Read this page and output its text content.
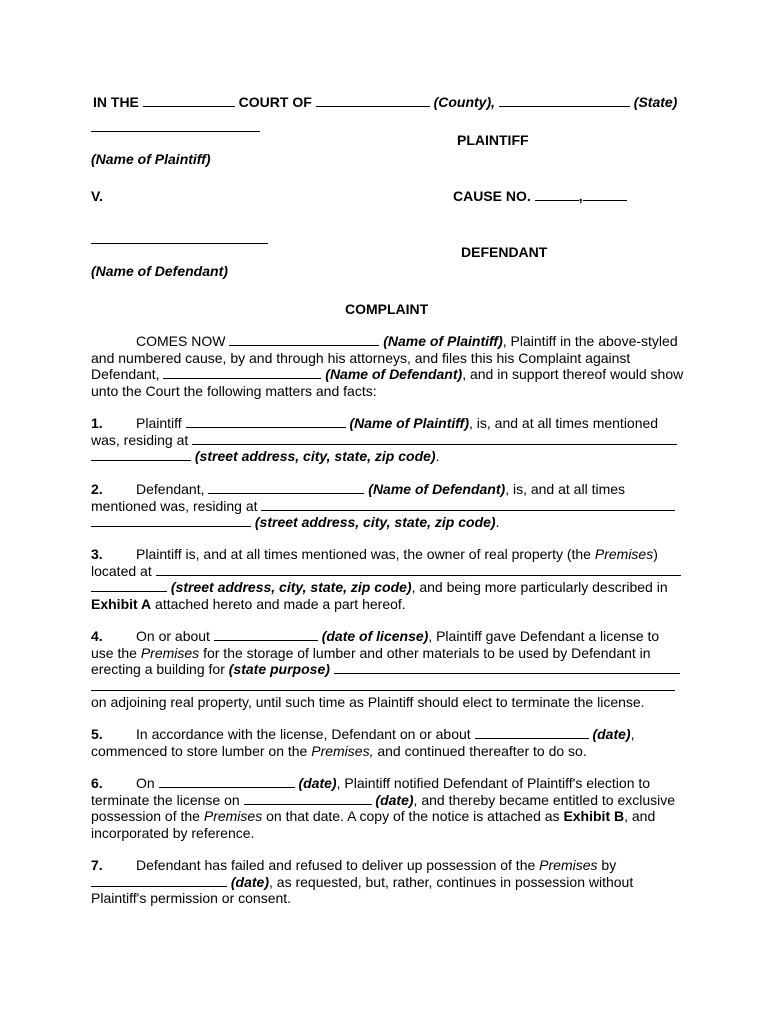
IN THE	COURT OF	(County),	(State)
PLAINTIFF
(Name of Plaintiff)
V.	CAUSE NO.	,
DEFENDANT
(Name of Defendant)
COMPLAINT
COMES NOW	(Name of Plaintiff), Plaintiff in the above-styled
and numbered cause, by and through his attorneys, and files this his Complaint against
Defendant,	(Name of Defendant), and in support thereof would show
unto the Court the following matters and facts:
1. Plaintiff	(Name of Plaintiff), is, and at all times mentioned
was, residing at
(street address, city, state, zip code).
2. Defendant,	(Name of Defendant), is, and at all times
mentioned was, residing at
(street address, city, state, zip code).
3. Plaintiff is, and at all times mentioned was, the owner of real property (the Premises)
located at
(street address, city, state, zip code), and being more particularly described in
Exhibit A attached hereto and made a part hereof.
4. On or about	(date of license), Plaintiff gave Defendant a license to
use the Premises for the storage of lumber and other materials to be used by Defendant in
erecting a building for (state purpose)
on adjoining real property, until such time as Plaintiff should elect to terminate the license.
5. In accordance with the license, Defendant on or about	(date),
commenced to store lumber on the Premises, and continued thereafter to do so.
6. On	(date), Plaintiff notified Defendant of Plaintiff's election to
terminate the license on	(date), and thereby became entitled to exclusive
possession of the Premises on that date. A copy of the notice is attached as Exhibit B, and
incorporated by reference.
7. Defendant has failed and refused to deliver up possession of the Premises by
(date), as requested, but, rather, continues in possession without
Plaintiff's permission or consent.
